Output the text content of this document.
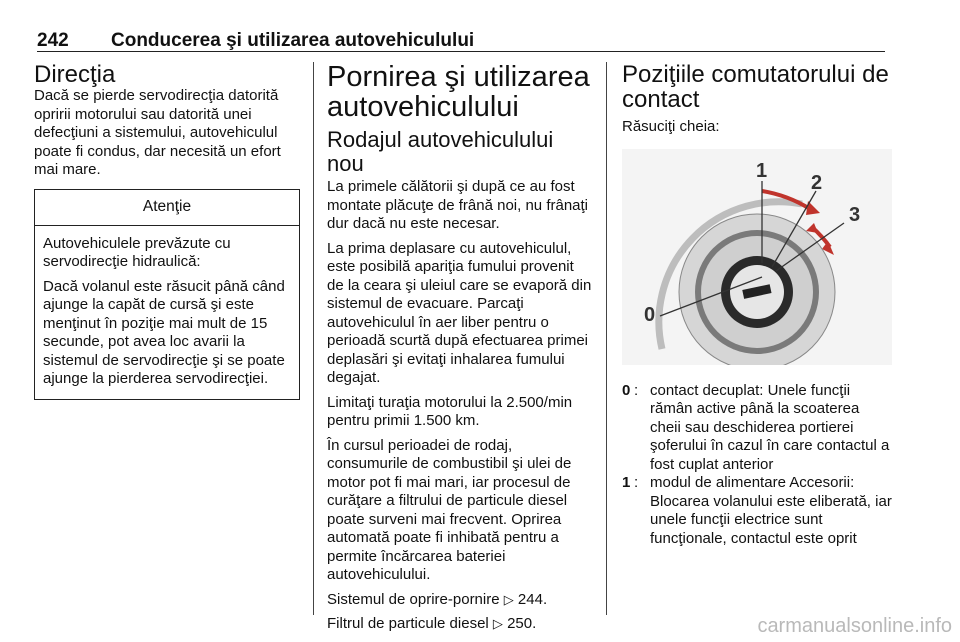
242 Conducerea şi utilizarea autovehiculului
Direcţia

Dacă se pierde servodirecţia datorită opririi motorului sau datorită unei defecţiuni a sistemului, autovehiculul poate fi condus, dar necesită un efort mai mare.

Atenţie

Autovehiculele prevăzute cu servodirecţie hidraulică:

Dacă volanul este răsucit până când ajunge la capăt de cursă şi este menţinut în poziţie mai mult de 15 secunde, pot avea loc avarii la sistemul de servodirecţie şi se poate ajunge la pierderea servodirecţiei.

Pornirea şi utilizarea autovehiculului
Rodajul autovehiculului nou

La primele călătorii şi după ce au fost montate plăcuţe de frână noi, nu frânaţi dur dacă nu este necesar.

La prima deplasare cu autovehiculul, este posibilă apariţia fumului provenit de la ceara şi uleiul care se evaporă din sistemul de evacuare. Parcaţi autovehiculul în aer liber pentru o perioadă scurtă după efectuarea primei deplasări şi evitaţi inhalarea fumului degajat.

Limitaţi turaţia motorului la 2.500/min pentru primii 1.500 km.

În cursul perioadei de rodaj, consumurile de combustibil şi ulei de motor pot fi mai mari, iar procesul de curăţare a filtrului de particule diesel poate surveni mai frecvent. Oprirea automată poate fi inhibată pentru a permite încărcarea bateriei autovehiculului.

Sistemul de oprire-pornire ▷ 244.

Filtrul de particule diesel ▷ 250.

Poziţiile comutatorului de contact

Răsuciţi cheia:

0
1
2
3
0 : contact decuplat: Unele funcţii rămân active până la scoaterea cheii sau deschiderea portierei şoferului în cazul în care contactul a fost cuplat anterior
1 : modul de alimentare Accesorii: Blocarea volanului este eliberată, iar unele funcţii electrice sunt funcţionale, contactul este oprit
carmanualsonline.info
